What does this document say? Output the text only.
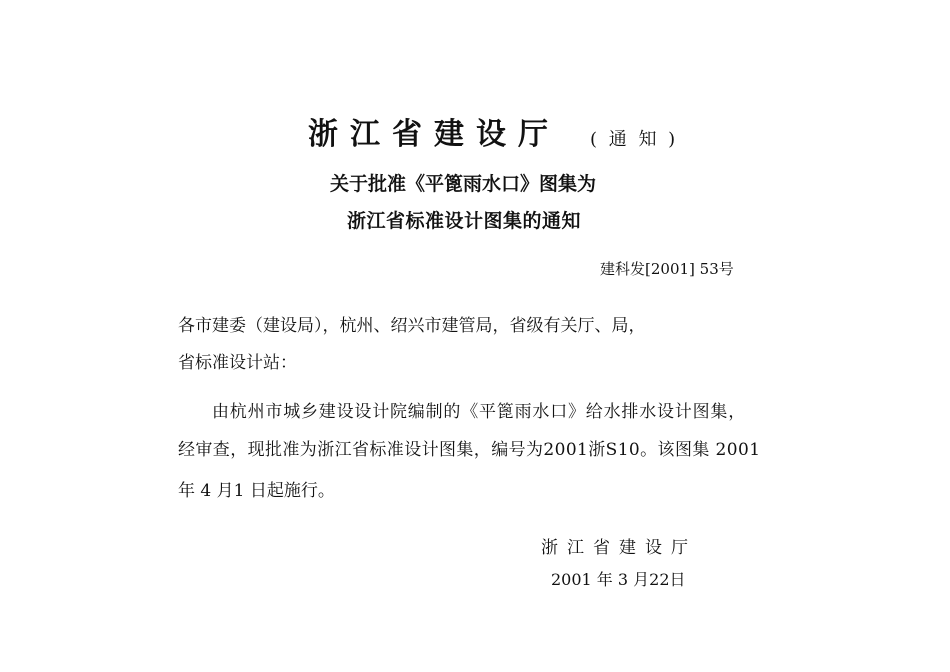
浙江省建设厅 ( 通 知 )
关于批准《平篦雨水口》图集为
浙江省标准设计图集的通知
建科发[2001] 53号
各市建委（建设局），杭州、绍兴市建管局，省级有关厅、局，
省标准设计站：
由杭州市城乡建设设计院编制的《平篦雨水口》给水排水设计图集，
经审查，现批准为浙江省标准设计图集，编号为2001浙S10。该图集 2001
年 4 月1 日起施行。
浙江省建设厅
2001 年 3 月22日
